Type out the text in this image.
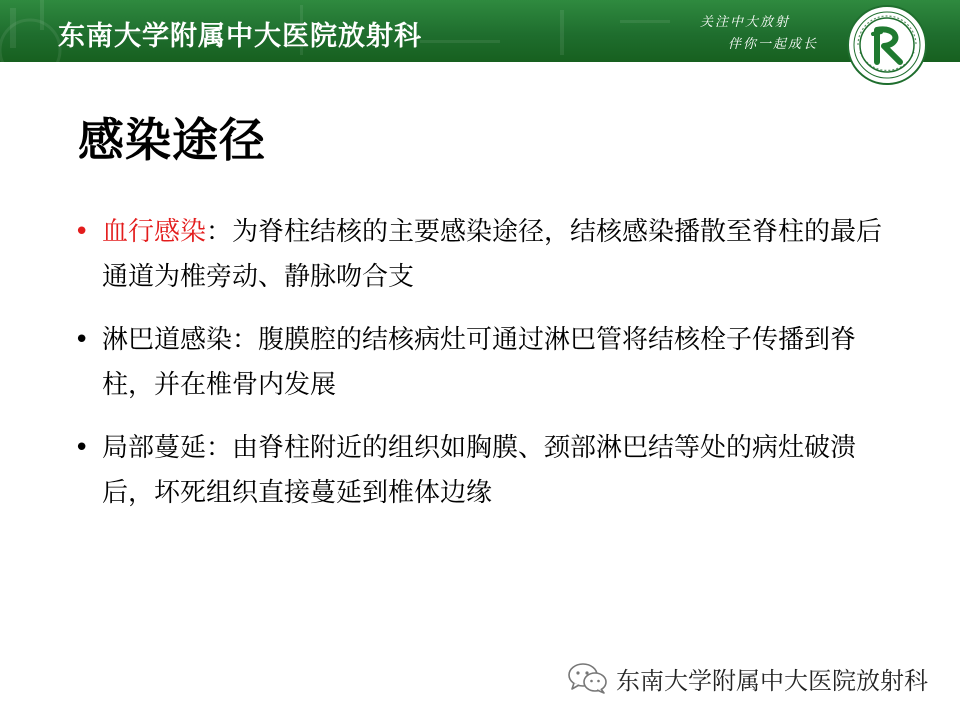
东南大学附属中大医院放射科	关注中大放射
伴你一起成长
感染途径
• 血行感染：为脊柱结核的主要感染途径，结核感染播散至脊柱的最后通道为椎旁动、静脉吻合支
• 淋巴道感染：腹膜腔的结核病灶可通过淋巴管将结核栓子传播到脊柱，并在椎骨内发展
• 局部蔓延：由脊柱附近的组织如胸膜、颈部淋巴结等处的病灶破溃后，坏死组织直接蔓延到椎体边缘
东南大学附属中大医院放射科
